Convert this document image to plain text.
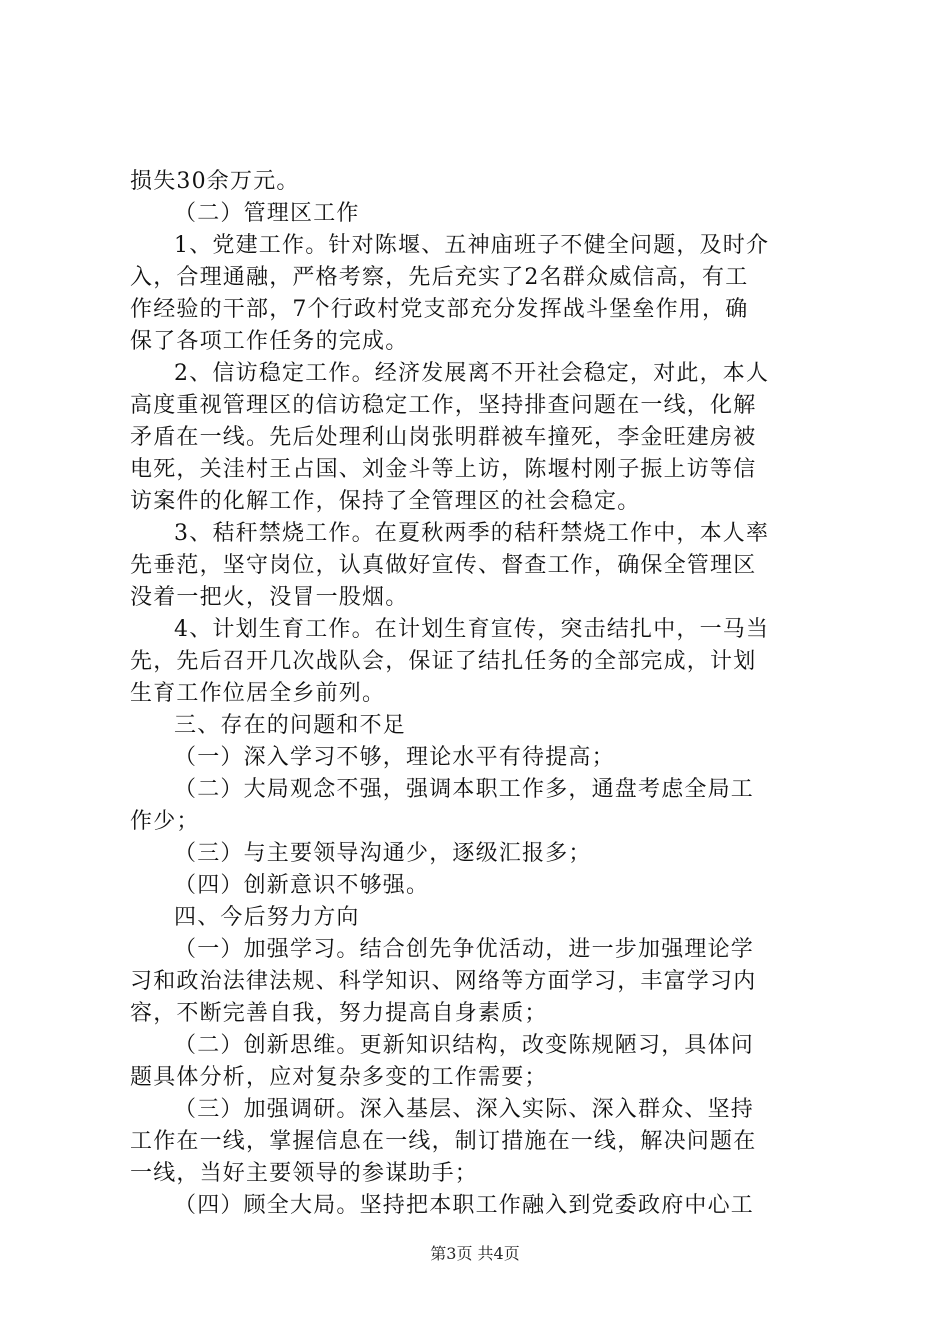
损失30余万元。
（二）管理区工作
1、党建工作。针对陈堰、五神庙班子不健全问题，及时介
入，合理通融，严格考察，先后充实了2名群众威信高，有工
作经验的干部，7个行政村党支部充分发挥战斗堡垒作用，确
保了各项工作任务的完成。
2、信访稳定工作。经济发展离不开社会稳定，对此，本人
高度重视管理区的信访稳定工作，坚持排查问题在一线，化解
矛盾在一线。先后处理利山岗张明群被车撞死，李金旺建房被
电死，关洼村王占国、刘金斗等上访，陈堰村刚子振上访等信
访案件的化解工作，保持了全管理区的社会稳定。
3、秸秆禁烧工作。在夏秋两季的秸秆禁烧工作中，本人率
先垂范，坚守岗位，认真做好宣传、督查工作，确保全管理区
没着一把火，没冒一股烟。
4、计划生育工作。在计划生育宣传，突击结扎中，一马当
先，先后召开几次战队会，保证了结扎任务的全部完成，计划
生育工作位居全乡前列。
三、存在的问题和不足
（一）深入学习不够，理论水平有待提高；
（二）大局观念不强，强调本职工作多，通盘考虑全局工
作少；
（三）与主要领导沟通少，逐级汇报多；
（四）创新意识不够强。
四、今后努力方向
（一）加强学习。结合创先争优活动，进一步加强理论学
习和政治法律法规、科学知识、网络等方面学习，丰富学习内
容，不断完善自我，努力提高自身素质；
（二）创新思维。更新知识结构，改变陈规陋习，具体问
题具体分析，应对复杂多变的工作需要；
（三）加强调研。深入基层、深入实际、深入群众、坚持
工作在一线，掌握信息在一线，制订措施在一线，解决问题在
一线，当好主要领导的参谋助手；
（四）顾全大局。坚持把本职工作融入到党委政府中心工
第3页 共4页
